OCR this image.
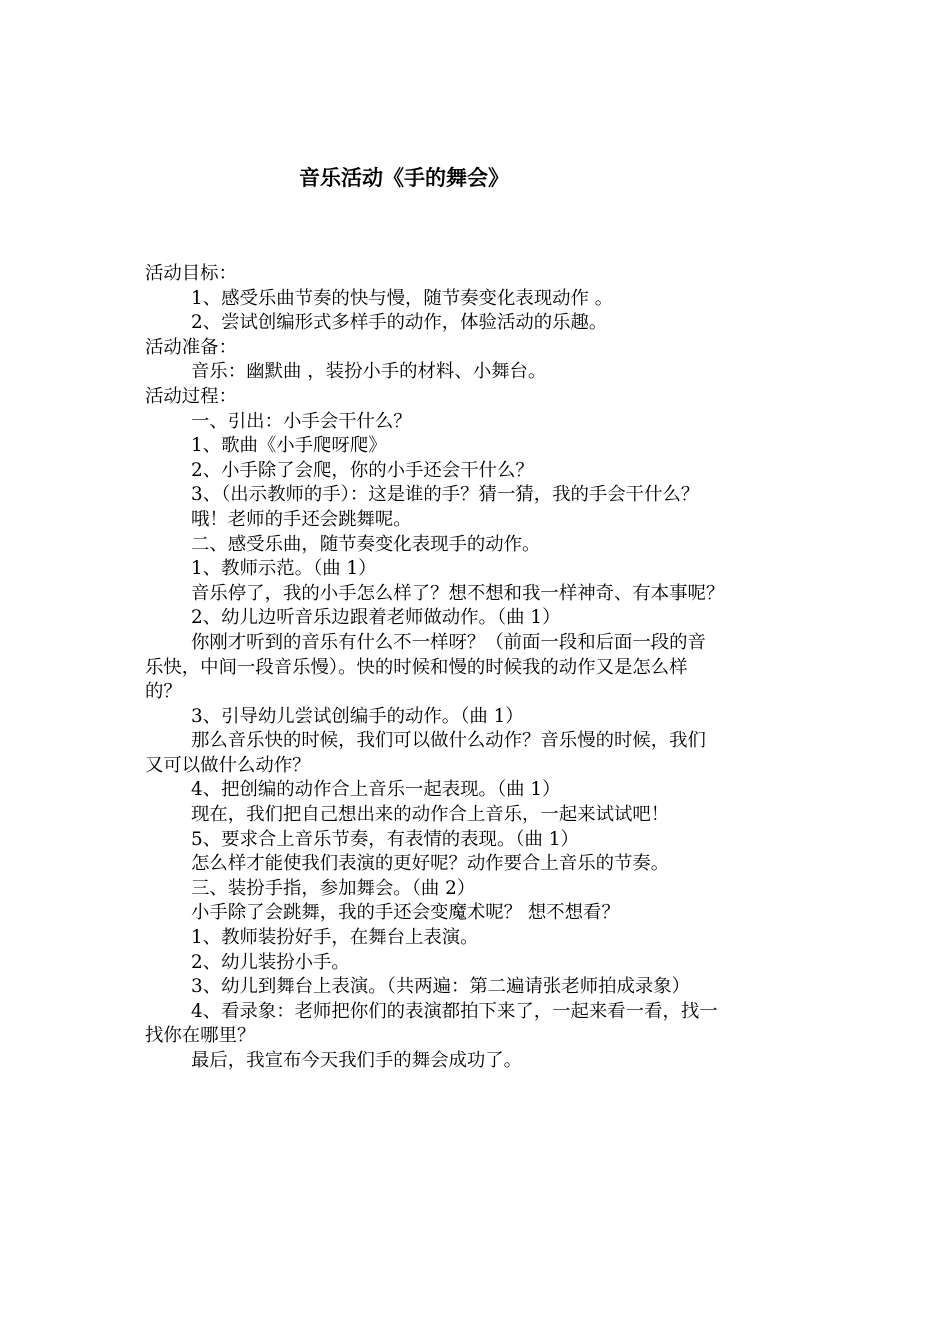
音乐活动《手的舞会》
活动目标：
1、感受乐曲节奏的快与慢，随节奏变化表现动作 。
2、尝试创编形式多样手的动作，体验活动的乐趣。
活动准备：
音乐：幽默曲 ，装扮小手的材料、小舞台。
活动过程：
一、引出：小手会干什么？
1、歌曲《小手爬呀爬》
2、小手除了会爬，你的小手还会干什么？
3、（出示教师的手）：这是谁的手？猜一猜，我的手会干什么？
哦！老师的手还会跳舞呢。
二、感受乐曲，随节奏变化表现手的动作。
1、教师示范。（曲 1）
音乐停了，我的小手怎么样了？想不想和我一样神奇、有本事呢？
2、幼儿边听音乐边跟着老师做动作。（曲 1）
你刚才听到的音乐有什么不一样呀？（前面一段和后面一段的音
乐快，中间一段音乐慢）。快的时候和慢的时候我的动作又是怎么样
的？
3、引导幼儿尝试创编手的动作。（曲 1）
那么音乐快的时候，我们可以做什么动作？音乐慢的时候，我们
又可以做什么动作？
4、把创编的动作合上音乐一起表现。（曲 1）
现在，我们把自己想出来的动作合上音乐，一起来试试吧！
5、要求合上音乐节奏，有表情的表现。（曲 1）
怎么样才能使我们表演的更好呢？动作要合上音乐的节奏。
三、装扮手指，参加舞会。（曲 2）
小手除了会跳舞，我的手还会变魔术呢？ 想不想看？
1、教师装扮好手，在舞台上表演。
2、幼儿装扮小手。
3、幼儿到舞台上表演。（共两遍：第二遍请张老师拍成录象）
4、看录象：老师把你们的表演都拍下来了，一起来看一看，找一
找你在哪里？
最后，我宣布今天我们手的舞会成功了。
